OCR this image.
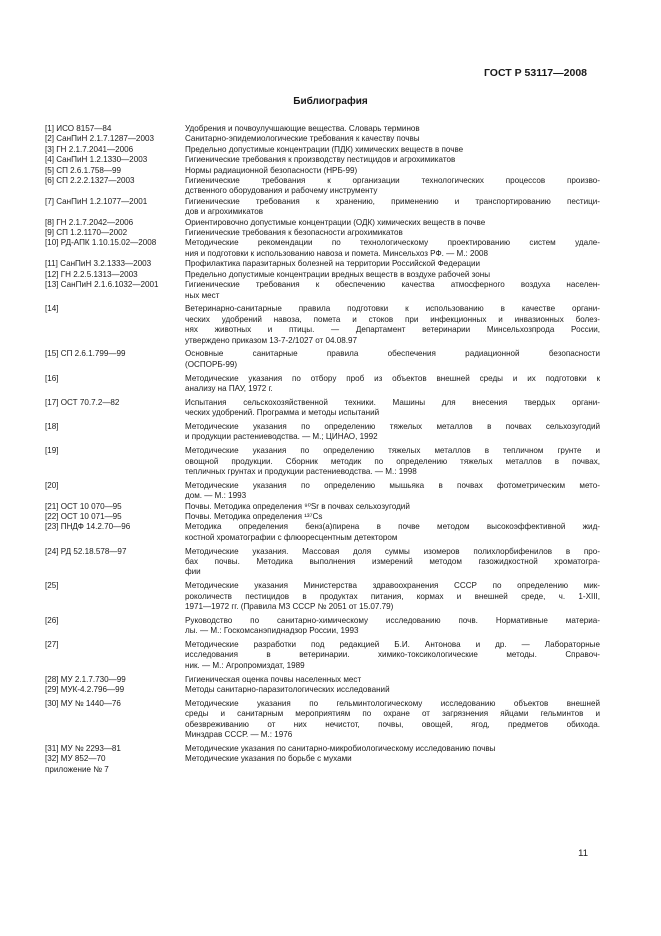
ГОСТ Р 53117—2008
Библиография
[1] ИСО 8157—84	Удобрения и почвоулучшающие вещества. Словарь терминов
[2] СанПиН 2.1.7.1287—2003	Санитарно-эпидемиологические требования к качеству почвы
[3] ГН 2.1.7.2041—2006	Предельно допустимые концентрации (ПДК) химических веществ в почве
[4] СанПиН 1.2.1330—2003	Гигиенические требования к производству пестицидов и агрохимикатов
[5] СП 2.6.1.758—99	Нормы радиационной безопасности (НРБ-99)
[6] СП 2.2.2.1327—2003	Гигиенические требования к организации технологических процессов произво-
дственного оборудования и рабочему инструменту
[7] СанПиН 1.2.1077—2001	Гигиенические требования к хранению, применению и транспортированию пестици-
дов и агрохимикатов
[8] ГН 2.1.7.2042—2006	Ориентировочно допустимые концентрации (ОДК) химических веществ в почве
[9] СП 1.2.1170—2002	Гигиенические требования к безопасности агрохимикатов
[10] РД-АПК 1.10.15.02—2008	Методические рекомендации по технологическому проектированию систем удале-
ния и подготовки к использованию навоза и помета. Минсельхоз РФ. — М.: 2008
[11] СанПиН 3.2.1333—2003	Профилактика паразитарных болезней на территории Российской Федерации
[12] ГН 2.2.5.1313—2003	Предельно допустимые концентрации вредных веществ в воздухе рабочей зоны
[13] СанПиН 2.1.6.1032—2001	Гигиенические требования к обеспечению качества атмосферного воздуха населен-
ных мест
[14]	Ветеринарно-санитарные правила подготовки к использованию в качестве органи-
ческих удобрений навоза, помета и стоков при инфекционных и инвазионных болез-
нях животных и птицы. — Департамент ветеринарии Минсельхозпрода России,
утверждено приказом 13-7-2/1027 от 04.08.97
[15] СП 2.6.1.799—99	Основные санитарные правила обеспечения радиационной безопасности
(ОСПОРБ-99)
[16]	Методические указания по отбору проб из объектов внешней среды и их подготовки к
анализу на ПАУ, 1972 г.
[17] ОСТ 70.7.2—82	Испытания сельскохозяйственной техники. Машины для внесения твердых органи-
ческих удобрений. Программа и методы испытаний
[18]	Методические указания по определению тяжелых металлов в почвах сельхозугодий
и продукции растениеводства. — М.; ЦИНАО, 1992
[19]	Методические указания по определению тяжелых металлов в тепличном грунте и
овощной продукции. Сборник методик по определению тяжелых металлов в почвах,
тепличных грунтах и продукции растениеводства. — М.: 1998
[20]	Методические указания по определению мышьяка в почвах фотометрическим мето-
дом. — М.: 1993
[21] ОСТ 10 070—95	Почвы. Методика определения ⁹⁰Sr в почвах сельхозугодий
[22] ОСТ 10 071—95	Почвы. Методика определения ¹³⁷Cs
[23] ПНДФ 14.2.70—96	Методика определения бенз(а)пирена в почве методом высокоэффективной жид-
костной хроматографии с флюоресцентным детектором
[24] РД 52.18.578—97	Методические указания. Массовая доля суммы изомеров полихлорбифенилов в про-
бах почвы. Методика выполнения измерений методом газожидкостной хроматогра-
фии
[25]	Методические указания Министерства здравоохранения СССР по определению мик-
роколичеств пестицидов в продуктах питания, кормах и внешней среде, ч. 1-XIII,
1971—1972 гг. (Правила МЗ СССР № 2051 от 15.07.79)
[26]	Руководство по санитарно-химическому исследованию почв. Нормативные материа-
лы. — М.: Госкомсанэпиднадзор России, 1993
[27]	Методические разработки под редакцией Б.И. Антонова и др. — Лабораторные
исследования в ветеринарии. химико-токсикологические методы. Справоч-
ник. — М.: Агропромиздат, 1989
[28] МУ 2.1.7.730—99	Гигиеническая оценка почвы населенных мест
[29] МУК-4.2.796—99	Методы санитарно-паразитологических исследований
[30] МУ № 1440—76	Методические указания по гельминтологическому исследованию объектов внешней
среды и санитарным мероприятиям по охране от загрязнения яйцами гельминтов и
обезвреживанию от них нечистот, почвы, овощей, ягод, предметов обихода.
Минздрав СССР. — М.: 1976
[31] МУ № 2293—81	Методические указания по санитарно-микробиологическому исследованию почвы
[32] МУ 852—70	Методические указания по борьбе с мухами
приложение № 7
11
